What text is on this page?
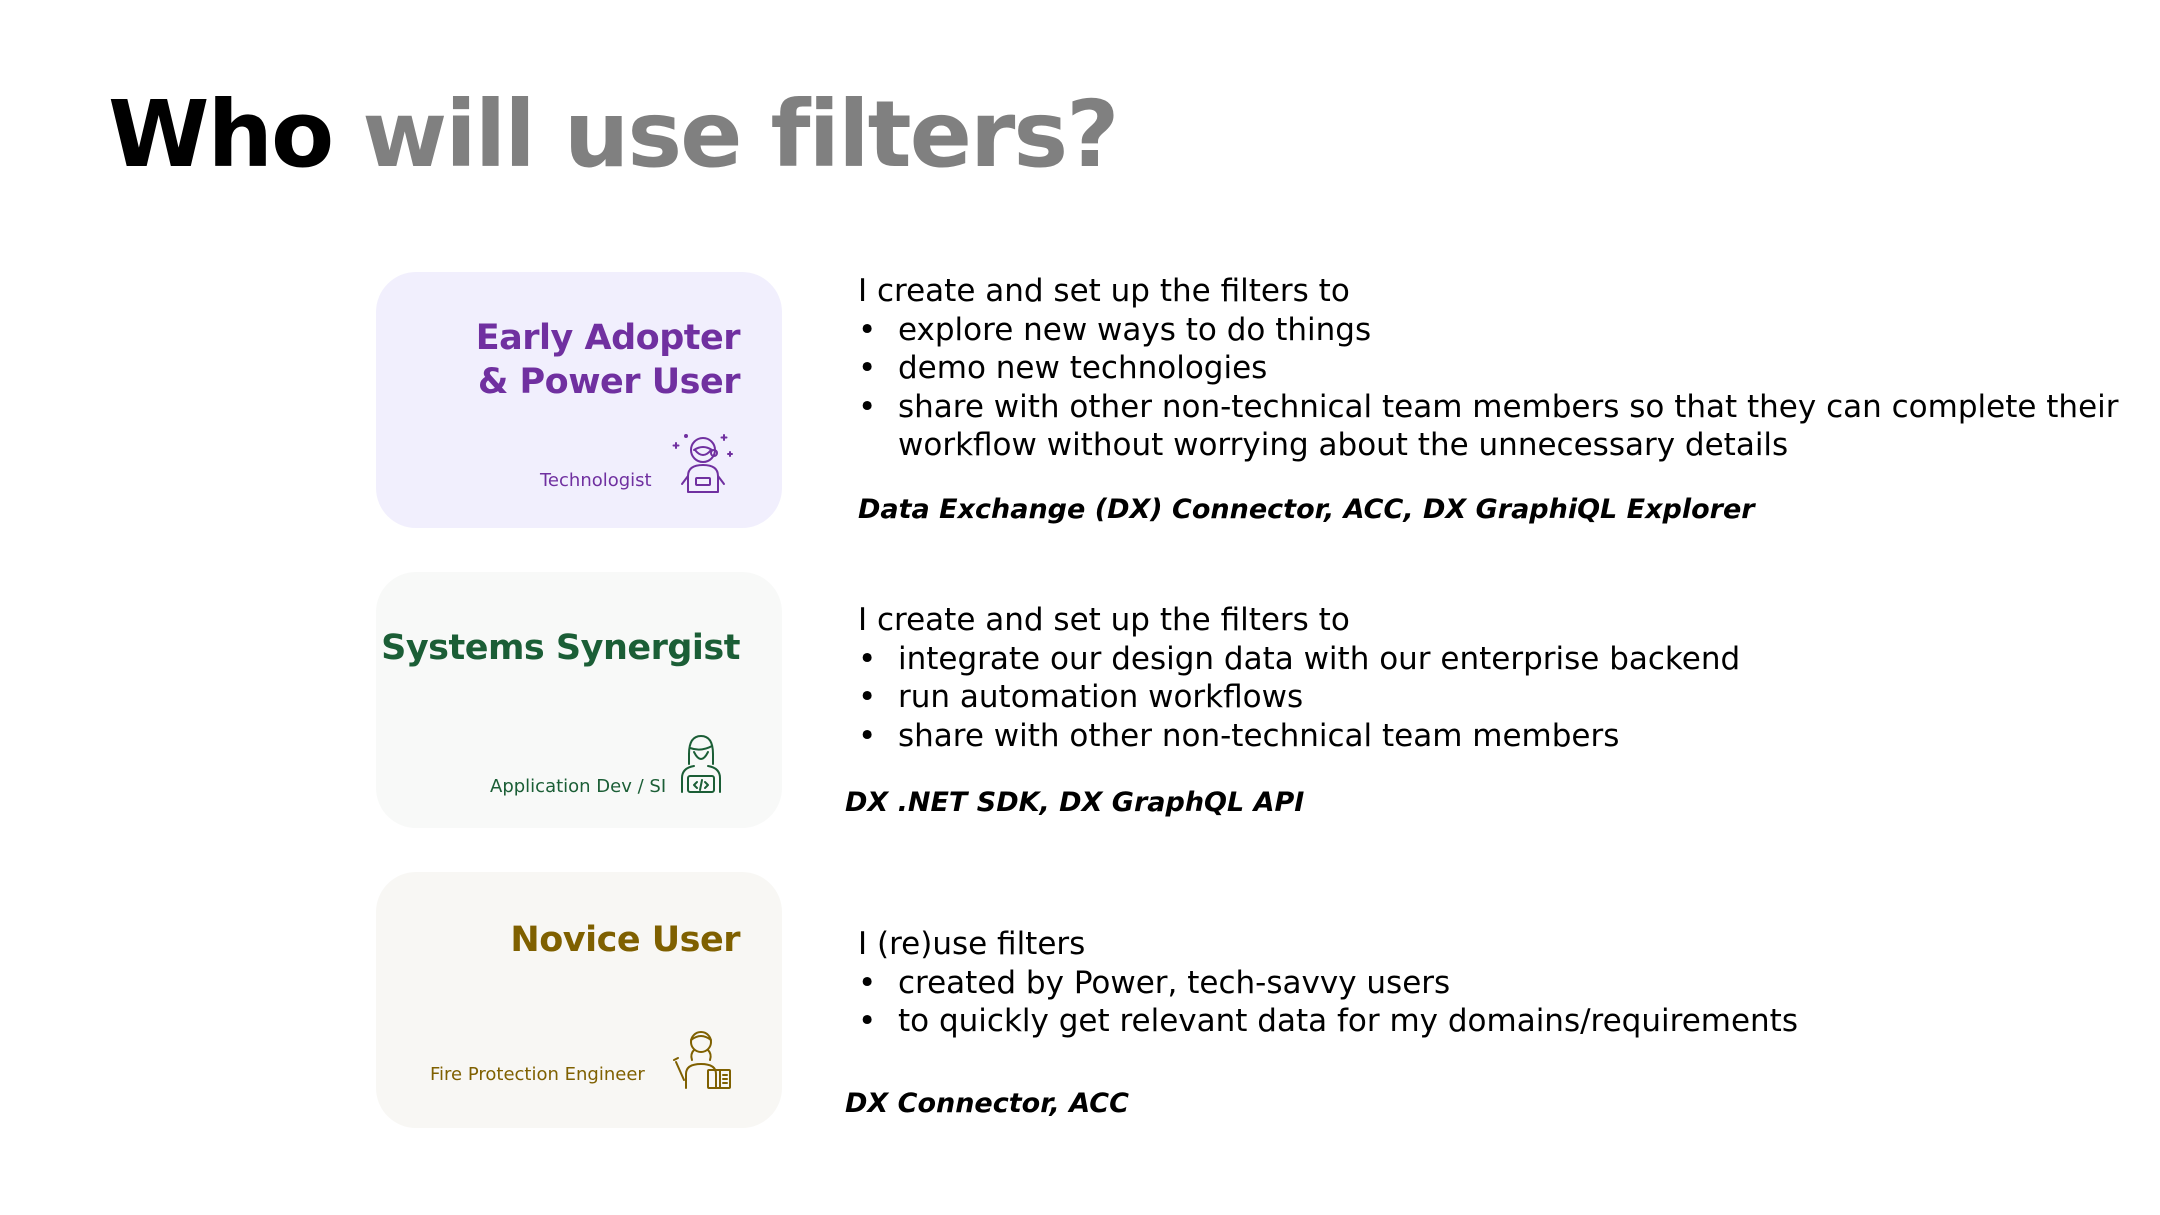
Who will use filters?
Early Adopter
& Power User
Technologist
I create and set up the filters to
• explore new ways to do things
• demo new technologies
• share with other non-technical team members so that they can complete their workflow without worrying about the unnecessary details
Data Exchange (DX) Connector, ACC, DX GraphiQL Explorer
Systems Synergist
Application Dev / SI
I create and set up the filters to
• integrate our design data with our enterprise backend
• run automation workflows
• share with other non-technical team members
DX .NET SDK, DX GraphQL API
Novice User
Fire Protection Engineer
I (re)use filters
• created by Power, tech-savvy users
• to quickly get relevant data for my domains/requirements
DX Connector, ACC
